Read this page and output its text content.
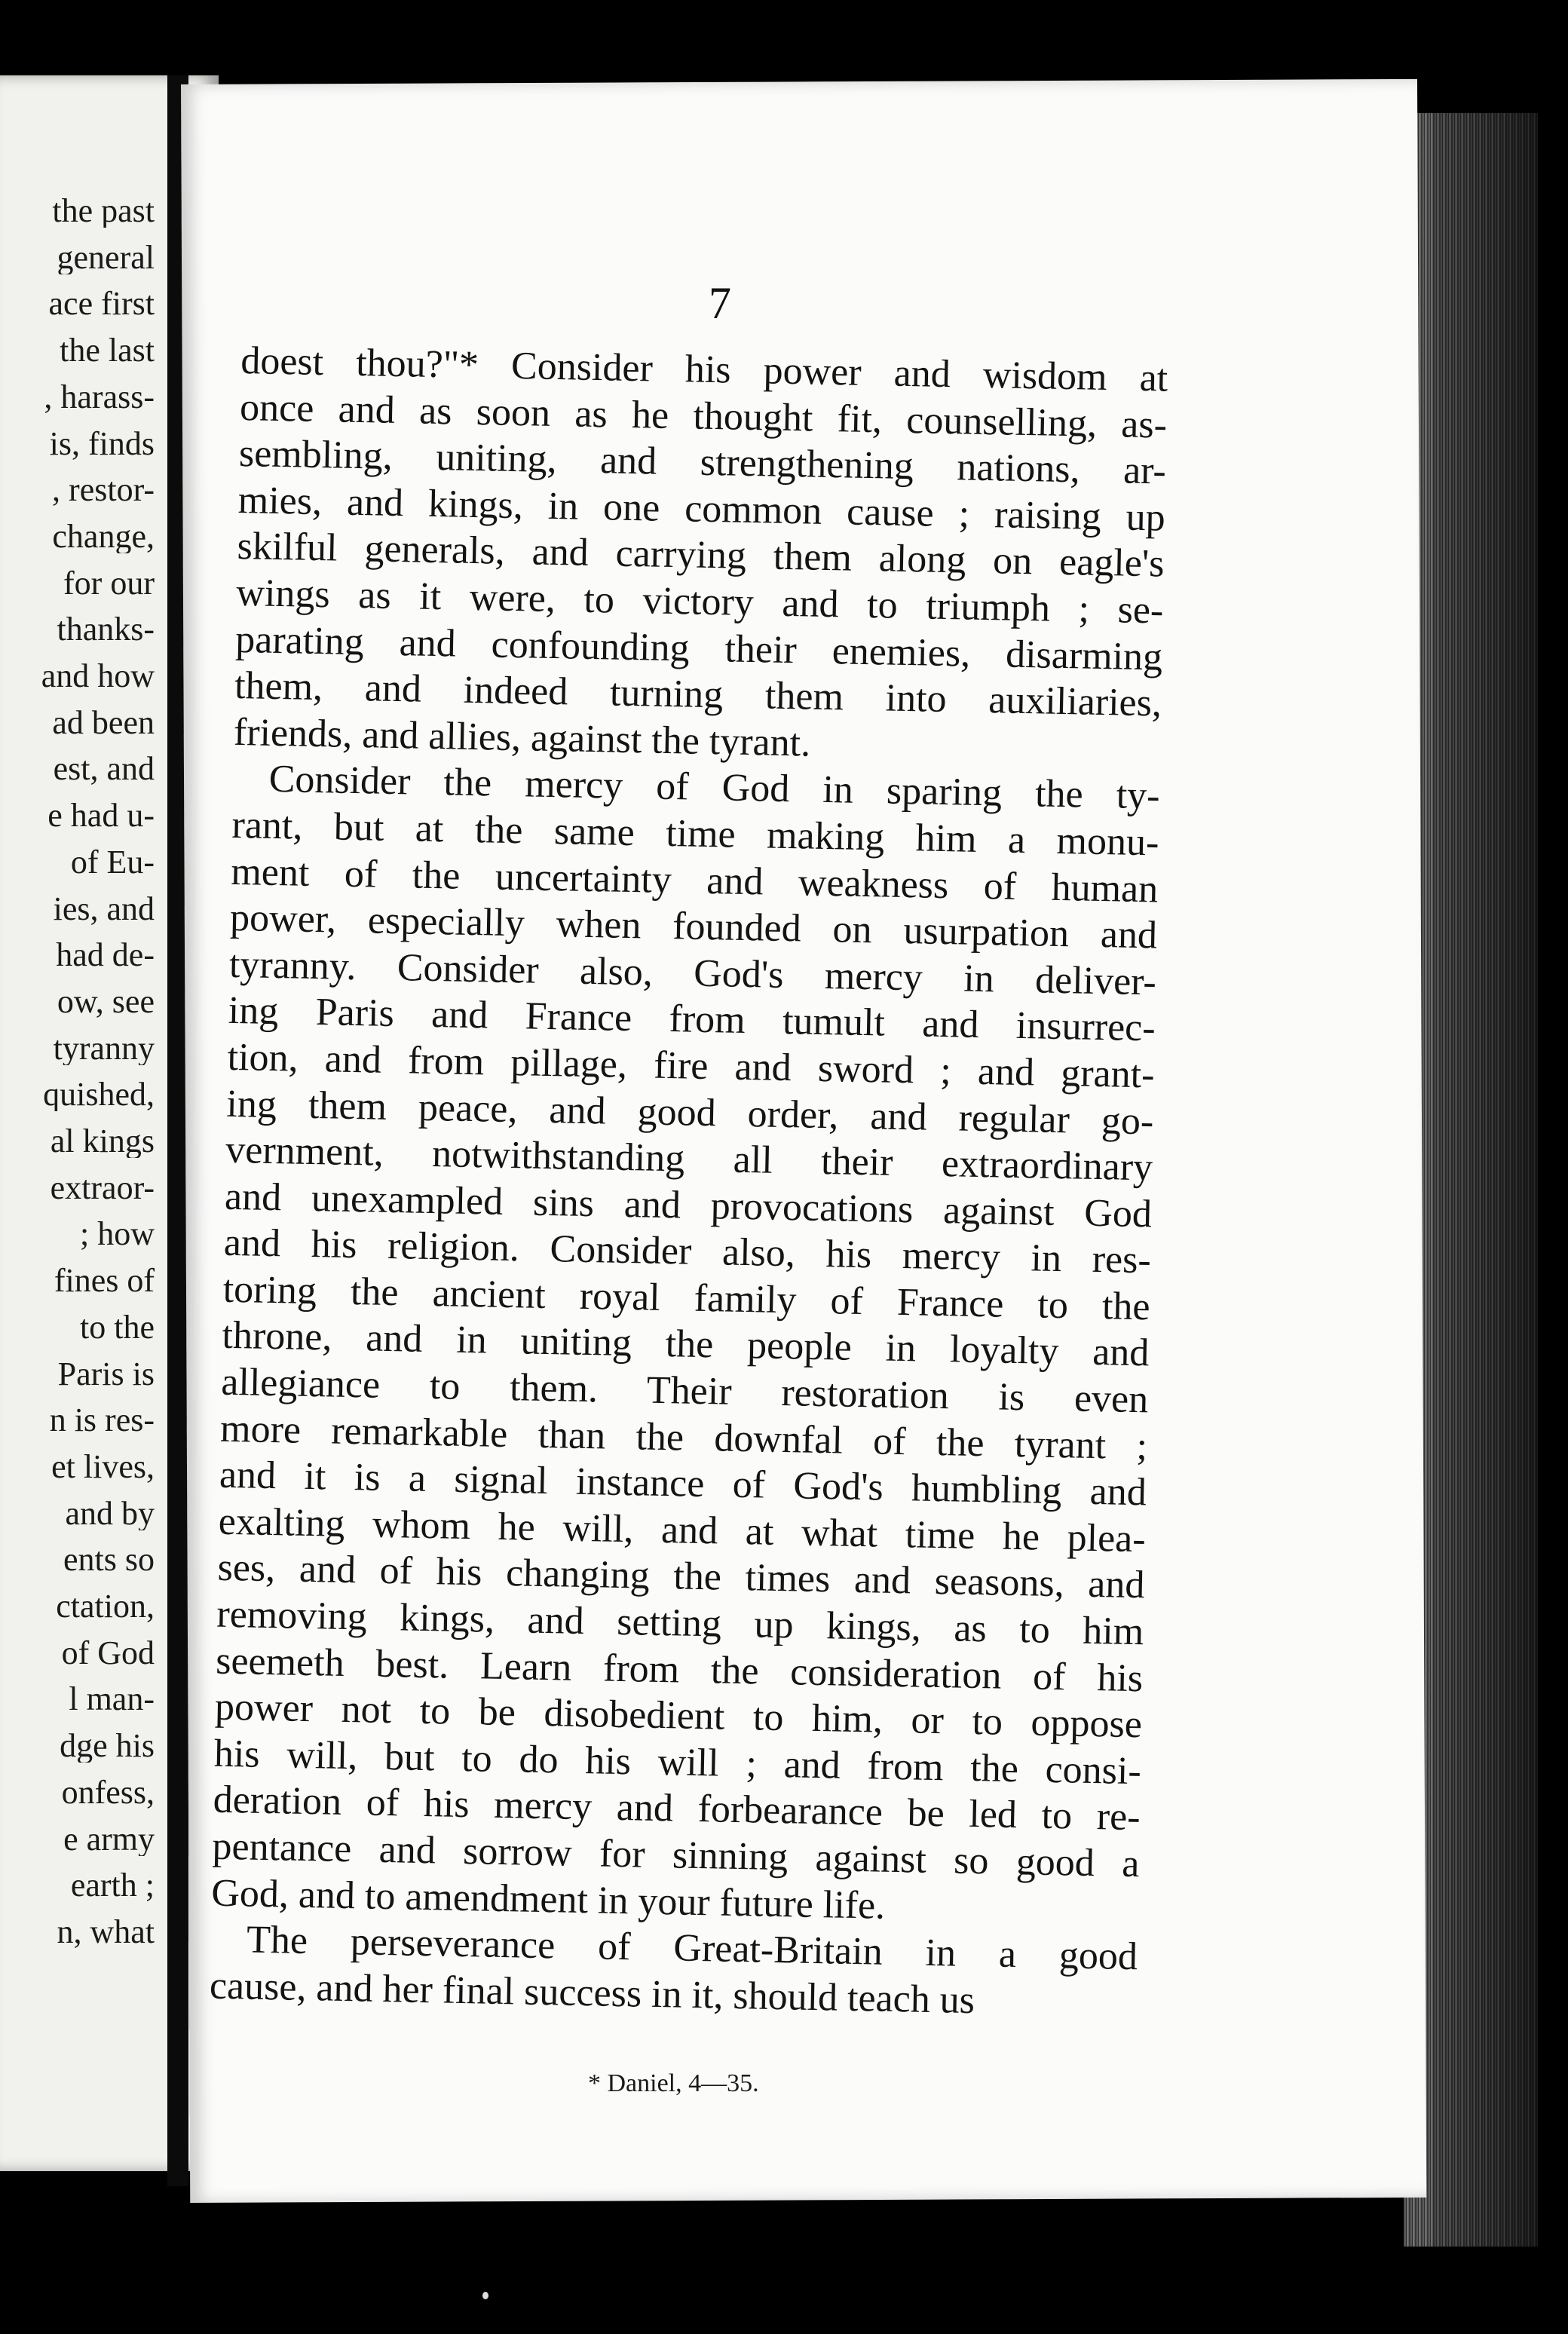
the past
general
ace first
the last
, harass-
is, finds
, restor-
change,
for our
thanks-
and how
ad been
est, and
e had u-
of Eu-
ies, and
had de-
ow, see
tyranny
quished,
al kings
extraor-
; how
fines of
to the
Paris is
n is res-
et lives,
and by
ents so
ctation,
of God
l man-
dge his
onfess,
e army
earth ;
n, what
7
doest thou?"* Consider his power and wisdom at
once and as soon as he thought fit, counselling, as-
sembling, uniting, and strengthening nations, ar-
mies, and kings, in one common cause ; raising up
skilful generals, and carrying them along on eagle's
wings as it were, to victory and to triumph ; se-
parating and confounding their enemies, disarming
them, and indeed turning them into auxiliaries,
friends, and allies, against the tyrant.
Consider the mercy of God in sparing the ty-
rant, but at the same time making him a monu-
ment of the uncertainty and weakness of human
power, especially when founded on usurpation and
tyranny. Consider also, God's mercy in deliver-
ing Paris and France from tumult and insurrec-
tion, and from pillage, fire and sword ; and grant-
ing them peace, and good order, and regular go-
vernment, notwithstanding all their extraordinary
and unexampled sins and provocations against God
and his religion. Consider also, his mercy in res-
toring the ancient royal family of France to the
throne, and in uniting the people in loyalty and
allegiance to them. Their restoration is even
more remarkable than the downfal of the tyrant ;
and it is a signal instance of God's humbling and
exalting whom he will, and at what time he plea-
ses, and of his changing the times and seasons, and
removing kings, and setting up kings, as to him
seemeth best. Learn from the consideration of his
power not to be disobedient to him, or to oppose
his will, but to do his will ; and from the consi-
deration of his mercy and forbearance be led to re-
pentance and sorrow for sinning against so good a
God, and to amendment in your future life.
The perseverance of Great-Britain in a good
cause, and her final success in it, should teach us
* Daniel, 4—35.
